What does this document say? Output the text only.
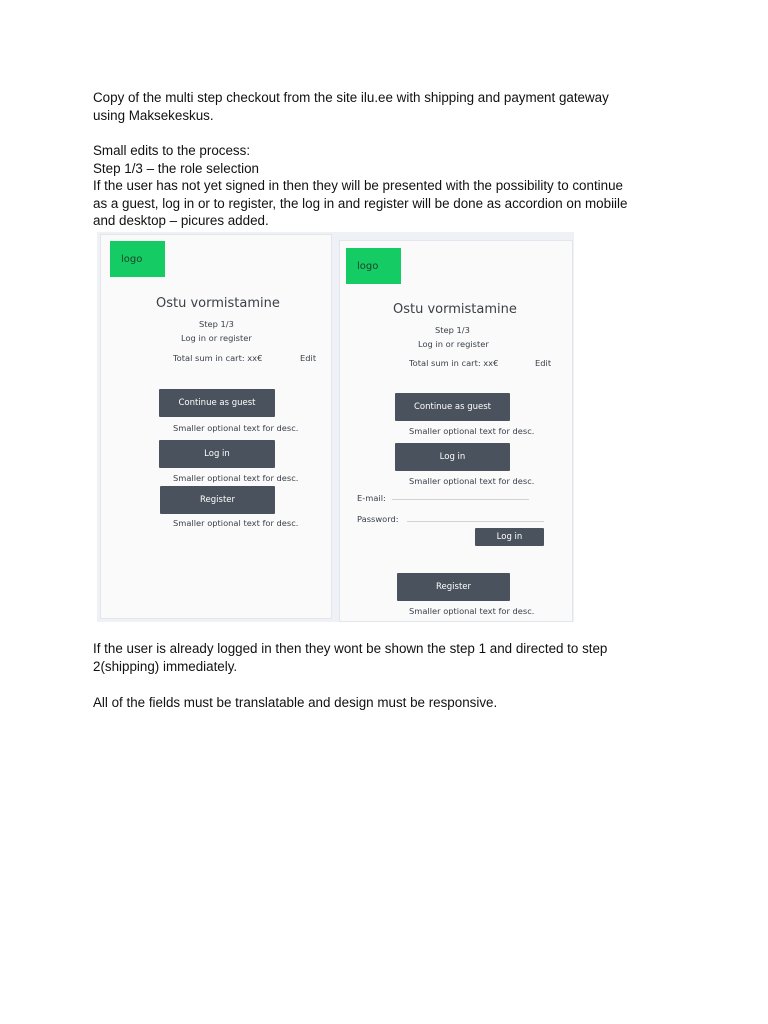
Copy of the multi step checkout from the site ilu.ee with shipping and payment gateway
using Maksekeskus.

Small edits to the process:
Step 1/3 – the role selection
If the user has not yet signed in then they will be presented with the possibility to continue
as a guest, log in or to register, the log in and register will be done as accordion on mobiile
and desktop – picures added.

logo
Ostu vormistamine
Step 1/3
Log in or register
Total sum in cart: xx€	Edit
Continue as guest
Smaller optional text for desc.
Log in
Smaller optional text for desc.
Register
Smaller optional text for desc.
logo
Ostu vormistamine
Step 1/3
Log in or register
Total sum in cart: xx€	Edit
Continue as guest
Smaller optional text for desc.
Log in
Smaller optional text for desc.
E-mail:
Password:
Log in
Register
Smaller optional text for desc.

If the user is already logged in then they wont be shown the step 1 and directed to step
2(shipping) immediately.

All of the fields must be translatable and design must be responsive.
